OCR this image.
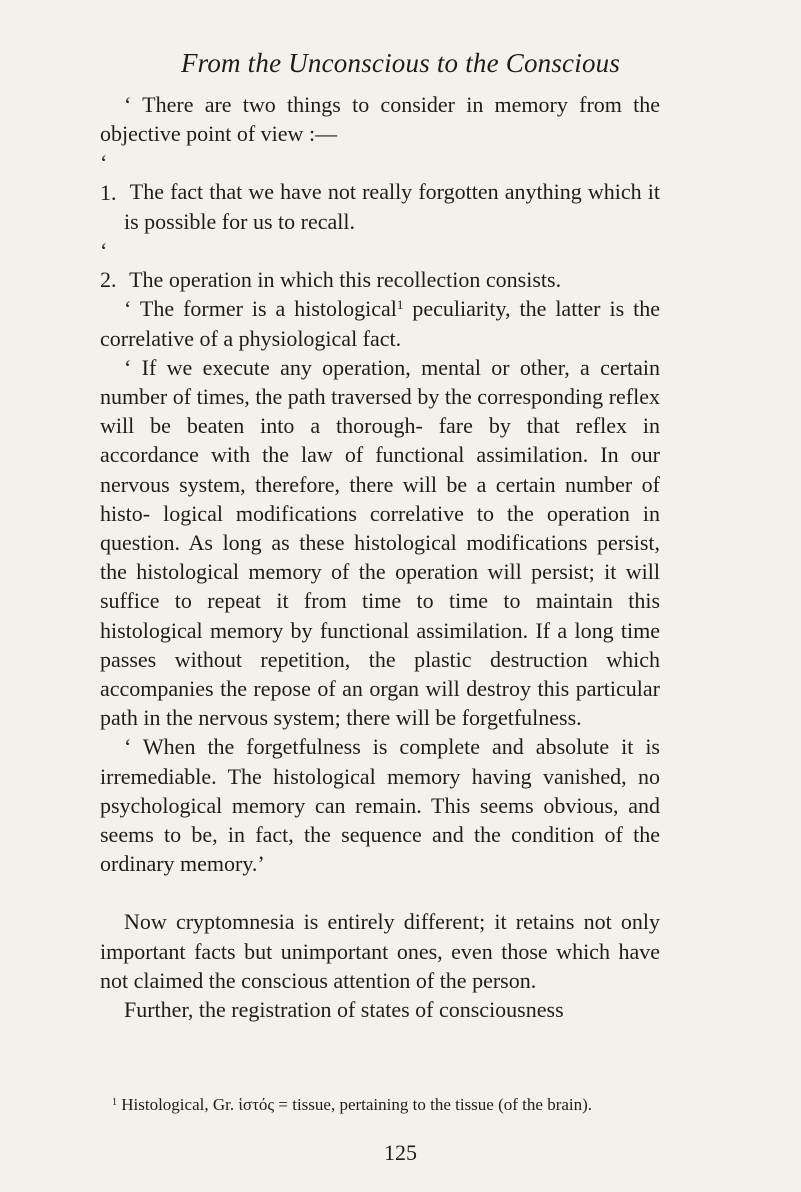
From the Unconscious to the Conscious

‘ There are two things to consider in memory from the objective point of view :—

‘ 1. The fact that we have not really forgotten anything which it is possible for us to recall.

‘ 2. The operation in which this recollection consists.

‘ The former is a histological$^1$ peculiarity, the latter is the correlative of a physiological fact.

‘ If we execute any operation, mental or other, a certain number of times, the path traversed by the corresponding reflex will be beaten into a thorough- fare by that reflex in accordance with the law of functional assimilation. In our nervous system, therefore, there will be a certain number of histo- logical modifications correlative to the operation in question. As long as these histological modifications persist, the histological memory of the operation will persist; it will suffice to repeat it from time to time to maintain this histological memory by functional assimilation. If a long time passes without repetition, the plastic destruction which accompanies the repose of an organ will destroy this particular path in the nervous system; there will be forgetfulness.

‘ When the forgetfulness is complete and absolute it is irremediable. The histological memory having vanished, no psychological memory can remain. This seems obvious, and seems to be, in fact, the sequence and the condition of the ordinary memory.’

Now cryptomnesia is entirely different; it retains not only important facts but unimportant ones, even those which have not claimed the conscious attention of the person.

Further, the registration of states of consciousness

$^1$ Histological, Gr. ἱστός = tissue, pertaining to the tissue (of the brain).

125
